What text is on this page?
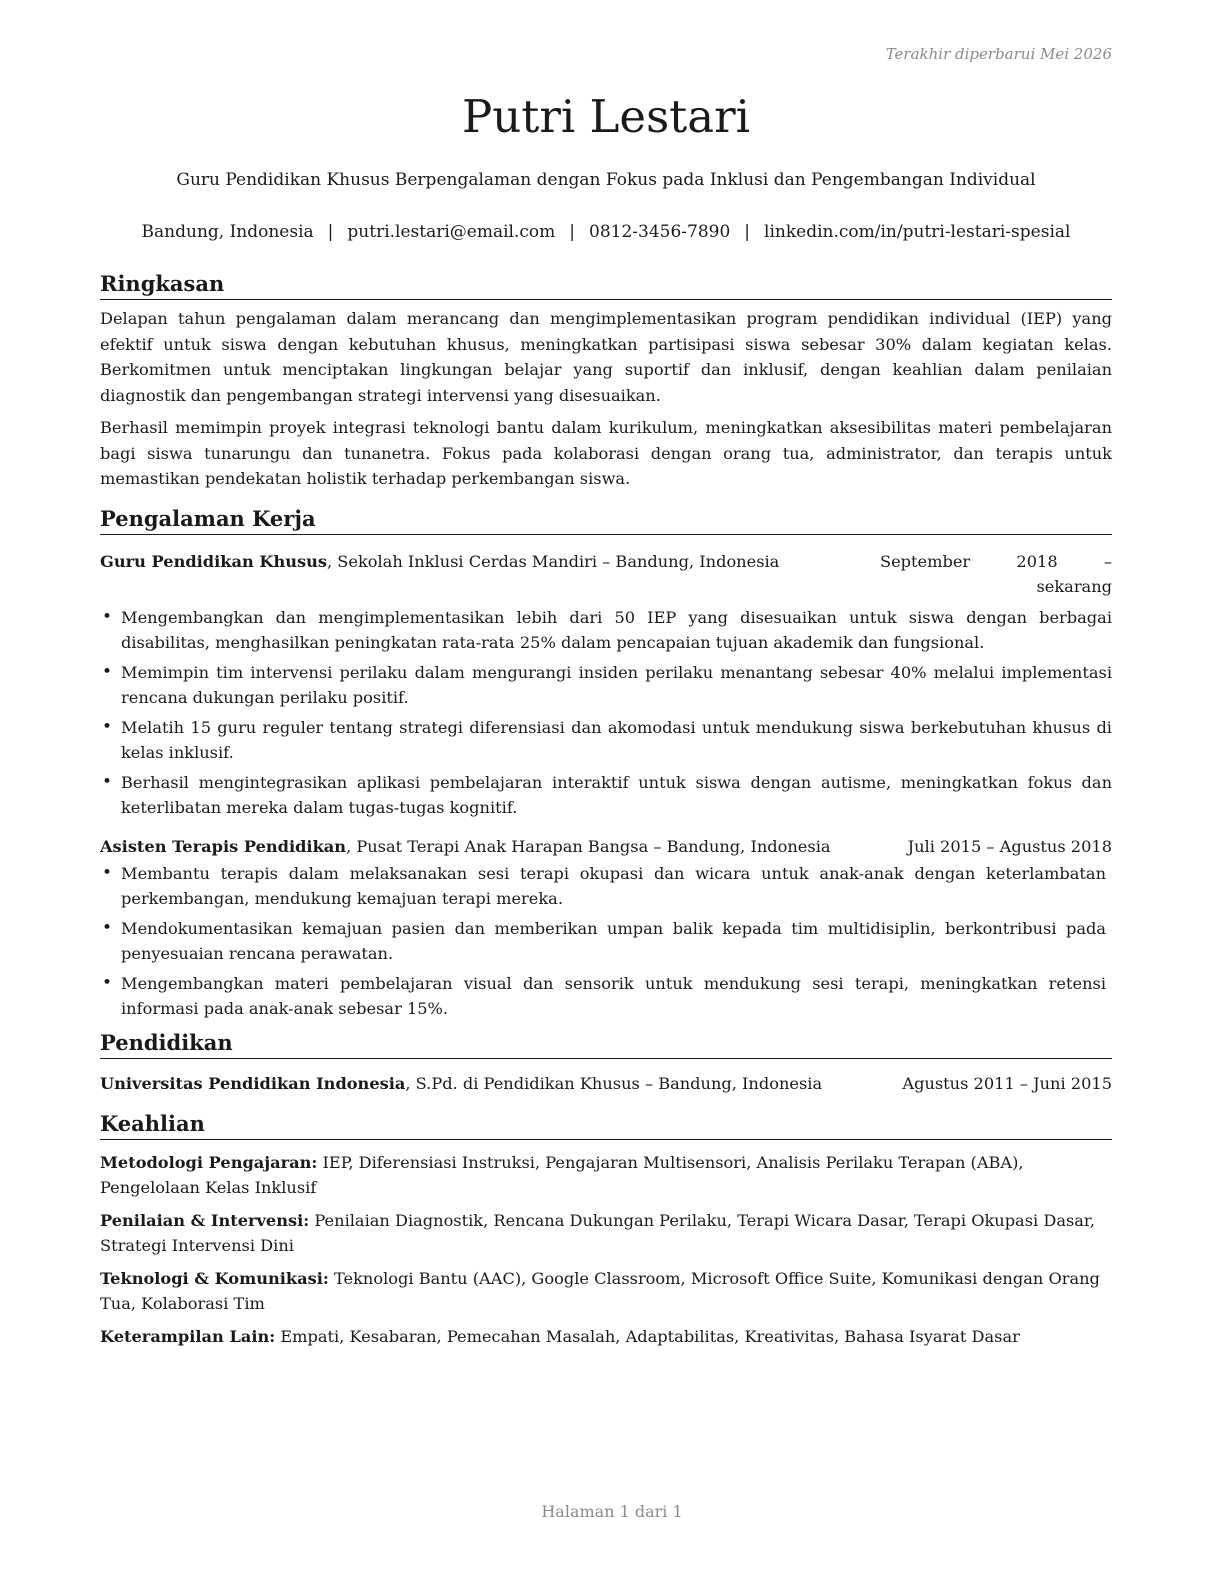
Terakhir diperbarui Mei 2026
Putri Lestari
Guru Pendidikan Khusus Berpengalaman dengan Fokus pada Inklusi dan Pengembangan Individual
Bandung, Indonesia | putri.lestari@email.com | 0812-3456-7890 | linkedin.com/in/putri-lestari-spesial
Ringkasan

Delapan tahun pengalaman dalam merancang dan mengimplementasikan program pendidikan individual (IEP) yang efektif untuk siswa dengan kebutuhan khusus, meningkatkan partisipasi siswa sebesar 30% dalam kegiatan kelas. Berkomitmen untuk menciptakan lingkungan belajar yang suportif dan inklusif, dengan keahlian dalam penilaian diagnostik dan pengembangan strategi intervensi yang disesuaikan.

Berhasil memimpin proyek integrasi teknologi bantu dalam kurikulum, meningkatkan aksesibilitas materi pembelajaran bagi siswa tunarungu dan tunanetra. Fokus pada kolaborasi dengan orang tua, administrator, dan terapis untuk memastikan pendekatan holistik terhadap perkembangan siswa.

Pengalaman Kerja
Guru Pendidikan Khusus, Sekolah Inklusi Cerdas Mandiri – Bandung, Indonesia	September	2018	–
sekarang
• Mengembangkan dan mengimplementasikan lebih dari 50 IEP yang disesuaikan untuk siswa dengan berbagai disabilitas, menghasilkan peningkatan rata-rata 25% dalam pencapaian tujuan akademik dan fungsional.
• Memimpin tim intervensi perilaku dalam mengurangi insiden perilaku menantang sebesar 40% melalui implementasi rencana dukungan perilaku positif.
• Melatih 15 guru reguler tentang strategi diferensiasi dan akomodasi untuk mendukung siswa berkebutuhan khusus di kelas inklusif.
• Berhasil mengintegrasikan aplikasi pembelajaran interaktif untuk siswa dengan autisme, meningkatkan fokus dan keterlibatan mereka dalam tugas-tugas kognitif.
Asisten Terapis Pendidikan, Pusat Terapi Anak Harapan Bangsa – Bandung, Indonesia	Juli 2015 – Agustus 2018
• Membantu terapis dalam melaksanakan sesi terapi okupasi dan wicara untuk anak-anak dengan keterlambatan perkembangan, mendukung kemajuan terapi mereka.
• Mendokumentasikan kemajuan pasien dan memberikan umpan balik kepada tim multidisiplin, berkontribusi pada penyesuaian rencana perawatan.
• Mengembangkan materi pembelajaran visual dan sensorik untuk mendukung sesi terapi, meningkatkan retensi informasi pada anak-anak sebesar 15%.
Pendidikan
Universitas Pendidikan Indonesia, S.Pd. di Pendidikan Khusus – Bandung, Indonesia	Agustus 2011 – Juni 2015
Keahlian

Metodologi Pengajaran: IEP, Diferensiasi Instruksi, Pengajaran Multisensori, Analisis Perilaku Terapan (ABA), Pengelolaan Kelas Inklusif

Penilaian & Intervensi: Penilaian Diagnostik, Rencana Dukungan Perilaku, Terapi Wicara Dasar, Terapi Okupasi Dasar, Strategi Intervensi Dini

Teknologi & Komunikasi: Teknologi Bantu (AAC), Google Classroom, Microsoft Office Suite, Komunikasi dengan Orang Tua, Kolaborasi Tim

Keterampilan Lain: Empati, Kesabaran, Pemecahan Masalah, Adaptabilitas, Kreativitas, Bahasa Isyarat Dasar

Halaman 1 dari 1
